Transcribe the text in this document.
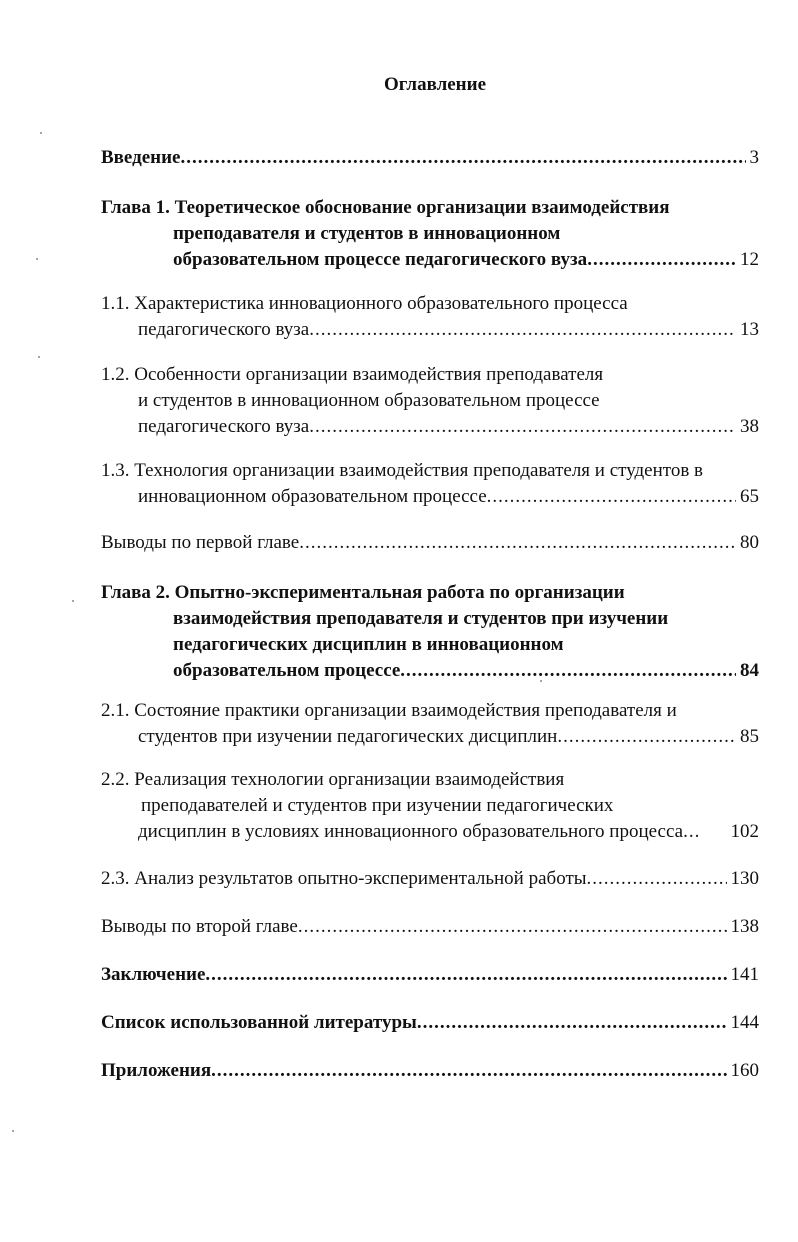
Оглавление
Введение .....	3
Глава 1. Теоретическое обоснование организации взаимодействия
преподавателя и студентов в инновационном
образовательном процессе педагогического вуза .....	12
1.1. Характеристика инновационного образовательного процесса
педагогического вуза .....	13
1.2. Особенности организации взаимодействия преподавателя
и студентов в инновационном образовательном процессе
педагогического вуза .....	38
1.3. Технология организации взаимодействия преподавателя и студентов в
инновационном образовательном процессе .....	65
Выводы по первой главе .....	80
Глава 2. Опытно-экспериментальная работа по организации
взаимодействия преподавателя и студентов при изучении
педагогических дисциплин в инновационном
образовательном процессе .....	84
2.1. Состояние практики организации взаимодействия преподавателя и
студентов при изучении педагогических дисциплин .....	85
2.2. Реализация технологии организации взаимодействия
преподавателей и студентов при изучении педагогических
дисциплин в условиях инновационного образовательного процесса ..... 102
2.3. Анализ результатов опытно-экспериментальной работы .....	130
Выводы по второй главе .....	138
Заключение .....	141
Список использованной литературы .....	144
Приложения .....	160
